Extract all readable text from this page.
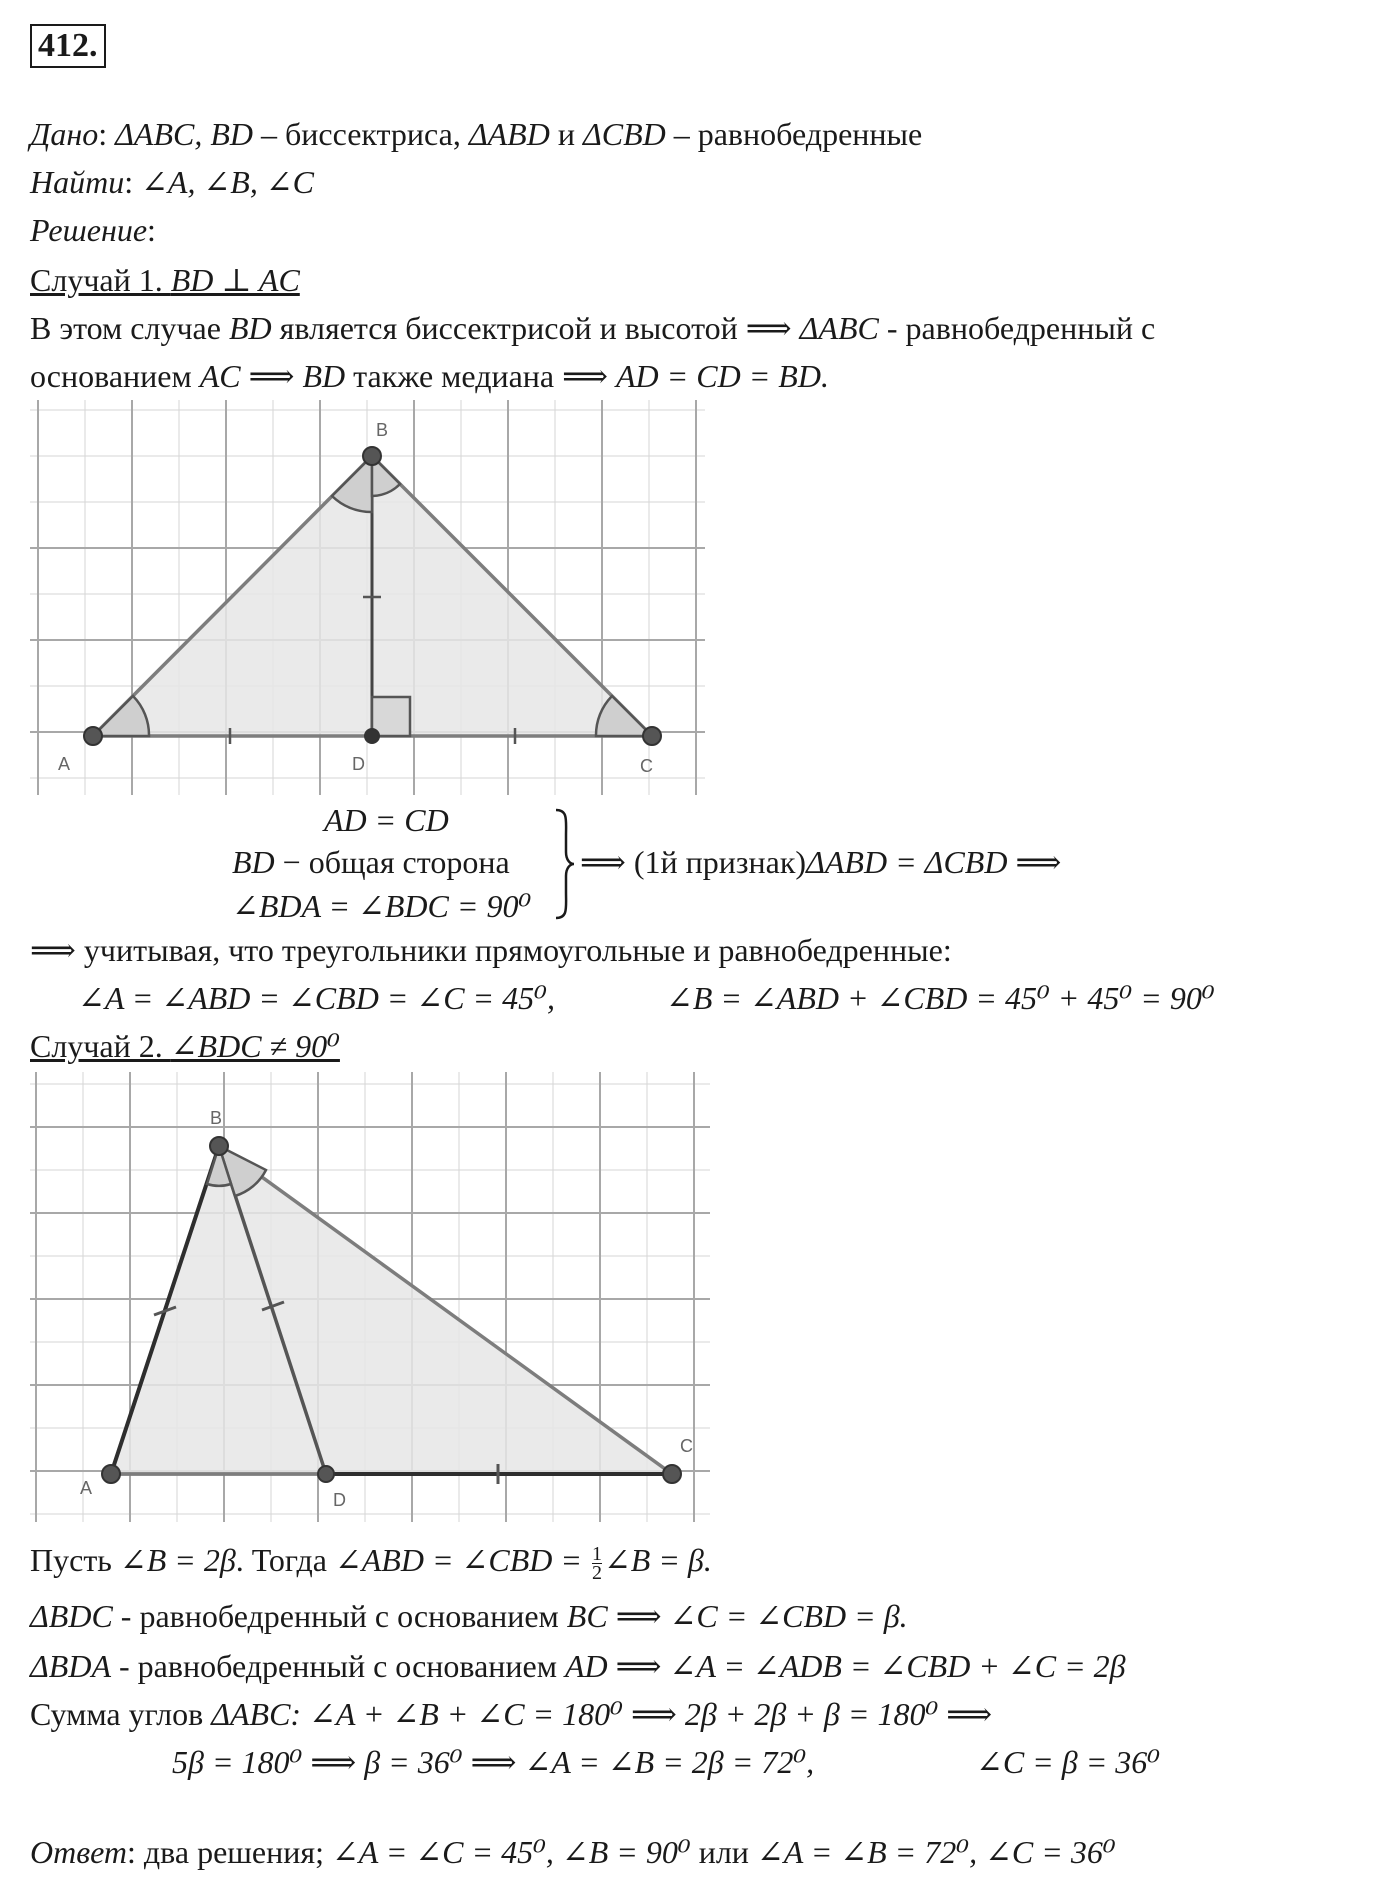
412.
Дано: ΔABC, BD – биссектриса, ΔABD и ΔCBD – равнобедренные
Найти: ∠A, ∠B, ∠C
Решение:
Случай 1. BD ⊥ AC
В этом случае BD является биссектрисой и высотой ⟹ ΔABC - равнобедренный с
основанием AC ⟹ BD также медиана ⟹ AD = CD = BD.
A
B
C
D
AD = CD
BD − общая сторона
∠BDA = ∠BDC = 90⁰
⟹ (1й признак)ΔABD = ΔCBD ⟹
⟹ учитывая, что треугольники прямоугольные и равнобедренные:
∠A = ∠ABD = ∠CBD = ∠C = 45⁰,	∠B = ∠ABD + ∠CBD = 45⁰ + 45⁰ = 90⁰
Случай 2. ∠BDC ≠ 90⁰
A
B
C
D
Пусть ∠B = 2β. Тогда ∠ABD = ∠CBD = $\frac{1}{2}$ ∠B = β.
ΔBDC - равнобедренный с основанием BC ⟹ ∠C = ∠CBD = β.
ΔBDA - равнобедренный с основанием AD ⟹ ∠A = ∠ADB = ∠CBD + ∠C = 2β
Сумма углов ΔABC: ∠A + ∠B + ∠C = 180⁰ ⟹ 2β + 2β + β = 180⁰ ⟹
5β = 180⁰ ⟹ β = 36⁰ ⟹ ∠A = ∠B = 2β = 72⁰,	∠C = β = 36⁰
Ответ: два решения; ∠A = ∠C = 45⁰, ∠B = 90⁰ или ∠A = ∠B = 72⁰, ∠C = 36⁰
